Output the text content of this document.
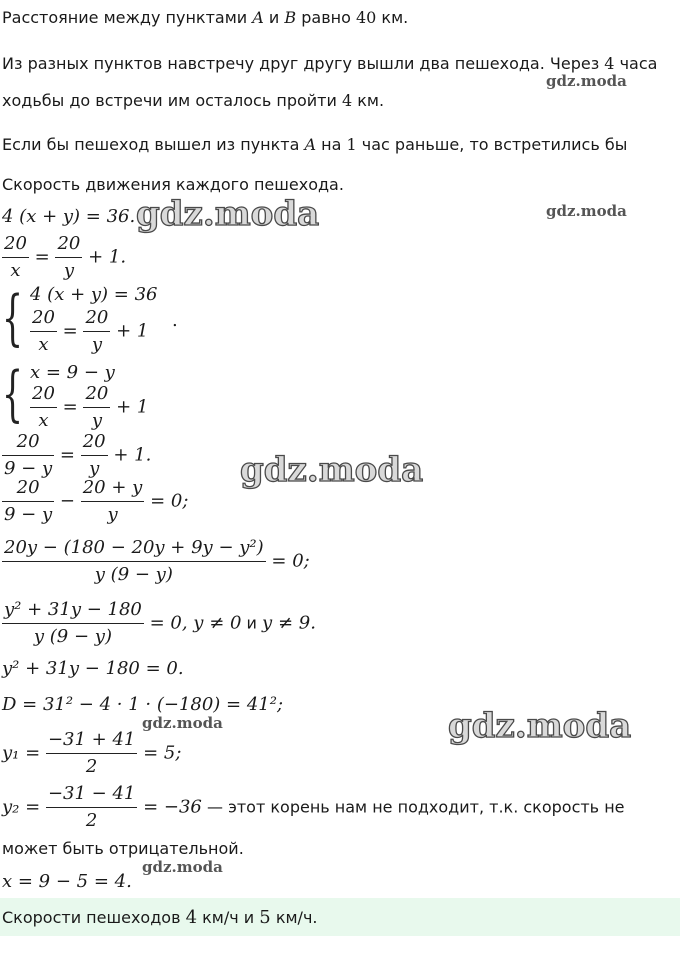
Расстояние между пунктами A и B равно 40 км.
Из разных пунктов навстречу друг другу вышли два пешехода. Через 4 часа
ходьбы до встречи им осталось пройти 4 км.
Если бы пешеход вышел из пункта A на 1 час раньше, то встретились бы
Скорость движения каждого пешехода.
4 (x + y) = 36.
$\frac{20}{x} = \frac{20}{y} + 1$.
{ 4 (x + y) = 36
$\frac{20}{x} = \frac{20}{y} + 1$ .
{ x = 9 − y
$\frac{20}{x} = \frac{20}{y} + 1$
$\frac{20}{9 - y} = \frac{20}{y} + 1$.
$\frac{20}{9 - y} - \frac{20 + y}{y} = 0$;
$\frac{\text{20y − (180 − 20y + 9y − y²)}}{y (9 - y)} = 0$;
$\frac{\text{y² + 31y − 180}}{y (9 - y)} = 0$, y ≠ 0 и y ≠ 9.
y² + 31y − 180 = 0.
D = 31² − 4 · 1 · (−180) = 41²;
$y_1 = \frac{-31 + 41}{2} = 5$;
$y_2 = \frac{-31 - 41}{2} = -36$ — этот корень нам не подходит, т.к. скорость не
может быть отрицательной.
x = 9 − 5 = 4.
Скорости пешеходов 4 км/ч и 5 км/ч.
gdz.moda
gdz.moda	gdz.moda
gdz.moda
gdz.moda
gdz.moda
gdz.moda
